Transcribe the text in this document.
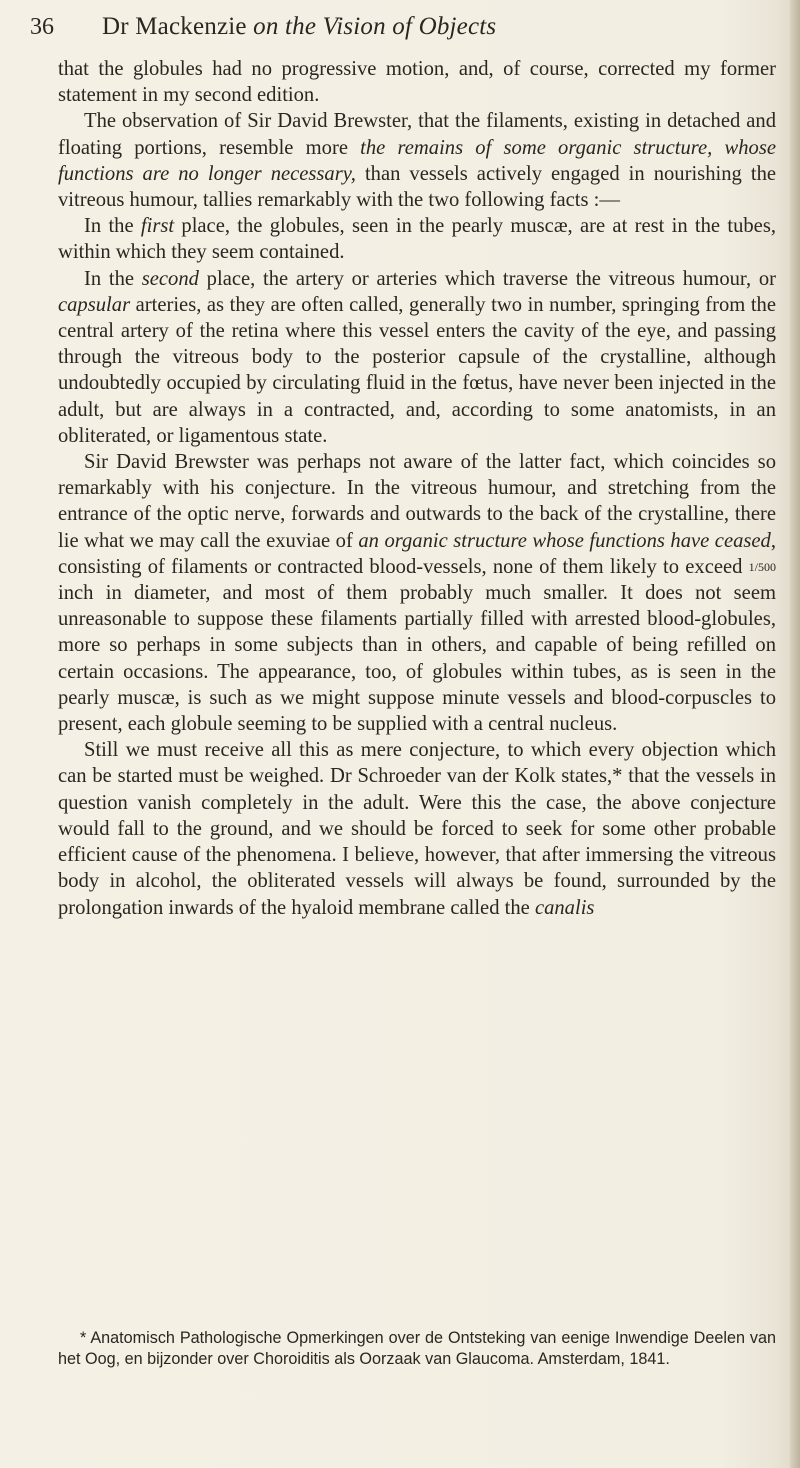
36	Dr Mackenzie on the Vision of Objects

that the globules had no progressive motion, and, of course, corrected my former statement in my second edition.

The observation of Sir David Brewster, that the filaments, existing in detached and floating portions, resemble more the remains of some organic structure, whose functions are no longer necessary, than vessels actively engaged in nourishing the vitreous humour, tallies remarkably with the two following facts :—

In the first place, the globules, seen in the pearly muscæ, are at rest in the tubes, within which they seem contained.

In the second place, the artery or arteries which traverse the vitreous humour, or capsular arteries, as they are often called, generally two in number, springing from the central artery of the retina where this vessel enters the cavity of the eye, and passing through the vitreous body to the posterior capsule of the crystalline, although undoubtedly occupied by circulating fluid in the fœtus, have never been injected in the adult, but are always in a contracted, and, according to some anatomists, in an obliterated, or ligamentous state.

Sir David Brewster was perhaps not aware of the latter fact, which coincides so remarkably with his conjecture. In the vitreous humour, and stretching from the entrance of the optic nerve, forwards and outwards to the back of the crystalline, there lie what we may call the exuviae of an organic structure whose functions have ceased, consisting of filaments or contracted blood-vessels, none of them likely to exceed 1/500 inch in diameter, and most of them probably much smaller. It does not seem unreasonable to suppose these filaments partially filled with arrested blood-globules, more so perhaps in some subjects than in others, and capable of being refilled on certain occasions. The appearance, too, of globules within tubes, as is seen in the pearly muscæ, is such as we might suppose minute vessels and blood-corpuscles to present, each globule seeming to be supplied with a central nucleus.

Still we must receive all this as mere conjecture, to which every objection which can be started must be weighed. Dr Schroeder van der Kolk states,* that the vessels in question vanish completely in the adult. Were this the case, the above conjecture would fall to the ground, and we should be forced to seek for some other probable efficient cause of the phenomena. I believe, however, that after immersing the vitreous body in alcohol, the obliterated vessels will always be found, surrounded by the prolongation inwards of the hyaloid membrane called the canalis

* Anatomisch Pathologische Opmerkingen over de Ontsteking van eenige Inwendige Deelen van het Oog, en bijzonder over Choroiditis als Oorzaak van Glaucoma. Amsterdam, 1841.
